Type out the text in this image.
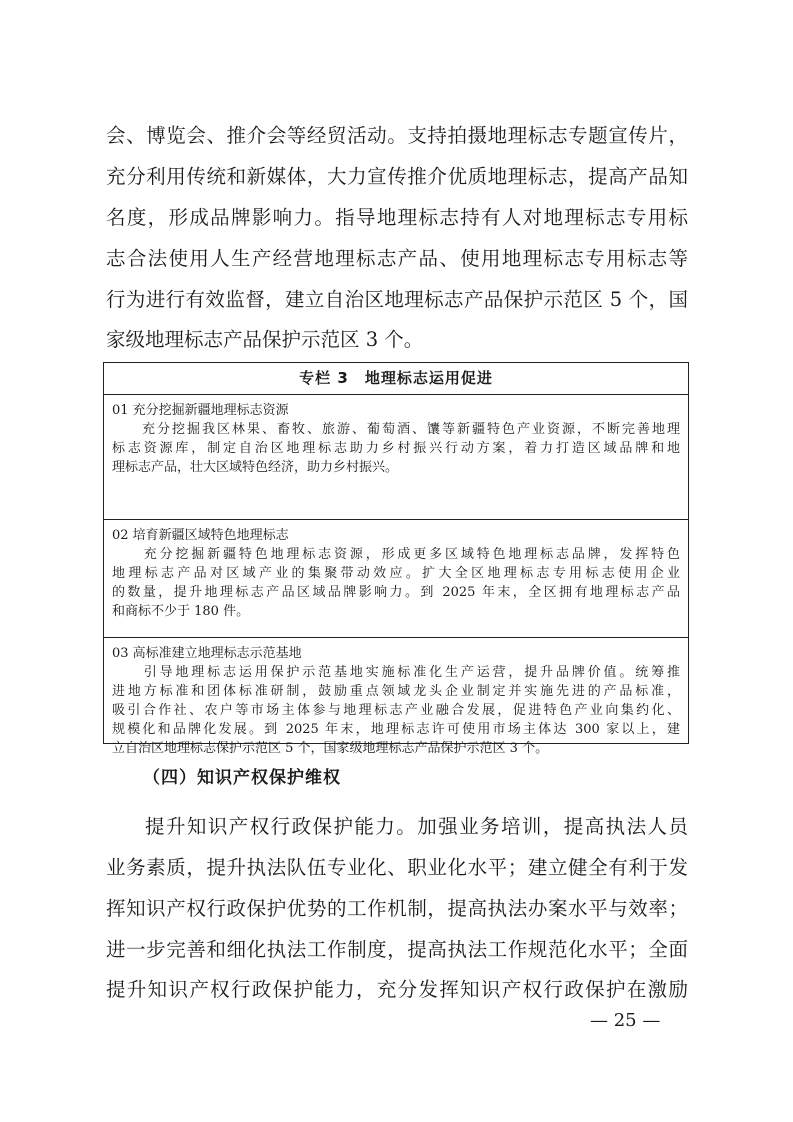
会、博览会、推介会等经贸活动。支持拍摄地理标志专题宣传片，
充分利用传统和新媒体，大力宣传推介优质地理标志，提高产品知
名度，形成品牌影响力。指导地理标志持有人对地理标志专用标
志合法使用人生产经营地理标志产品、使用地理标志专用标志等
行为进行有效监督，建立自治区地理标志产品保护示范区 5 个，国
家级地理标志产品保护示范区 3 个。
专栏 3　地理标志运用促进
01 充分挖掘新疆地理标志资源
　　充分挖掘我区林果、畜牧、旅游、葡萄酒、馕等新疆特色产业资源，不断完善地理
标志资源库，制定自治区地理标志助力乡村振兴行动方案，着力打造区域品牌和地
理标志产品，壮大区域特色经济，助力乡村振兴。
02 培育新疆区域特色地理标志
　　充分挖掘新疆特色地理标志资源，形成更多区域特色地理标志品牌，发挥特色
地理标志产品对区域产业的集聚带动效应。扩大全区地理标志专用标志使用企业
的数量，提升地理标志产品区域品牌影响力。到 2025 年末，全区拥有地理标志产品
和商标不少于 180 件。
03 高标准建立地理标志示范基地
　　引导地理标志运用保护示范基地实施标准化生产运营，提升品牌价值。统筹推
进地方标准和团体标准研制，鼓励重点领域龙头企业制定并实施先进的产品标准，
吸引合作社、农户等市场主体参与地理标志产业融合发展，促进特色产业向集约化、
规模化和品牌化发展。到 2025 年末，地理标志许可使用市场主体达 300 家以上，建
立自治区地理标志保护示范区 5 个，国家级地理标志产品保护示范区 3 个。
（四）知识产权保护维权
提升知识产权行政保护能力。加强业务培训，提高执法人员
业务素质，提升执法队伍专业化、职业化水平；建立健全有利于发
挥知识产权行政保护优势的工作机制，提高执法办案水平与效率；
进一步完善和细化执法工作制度，提高执法工作规范化水平；全面
提升知识产权行政保护能力，充分发挥知识产权行政保护在激励
— 25 —
